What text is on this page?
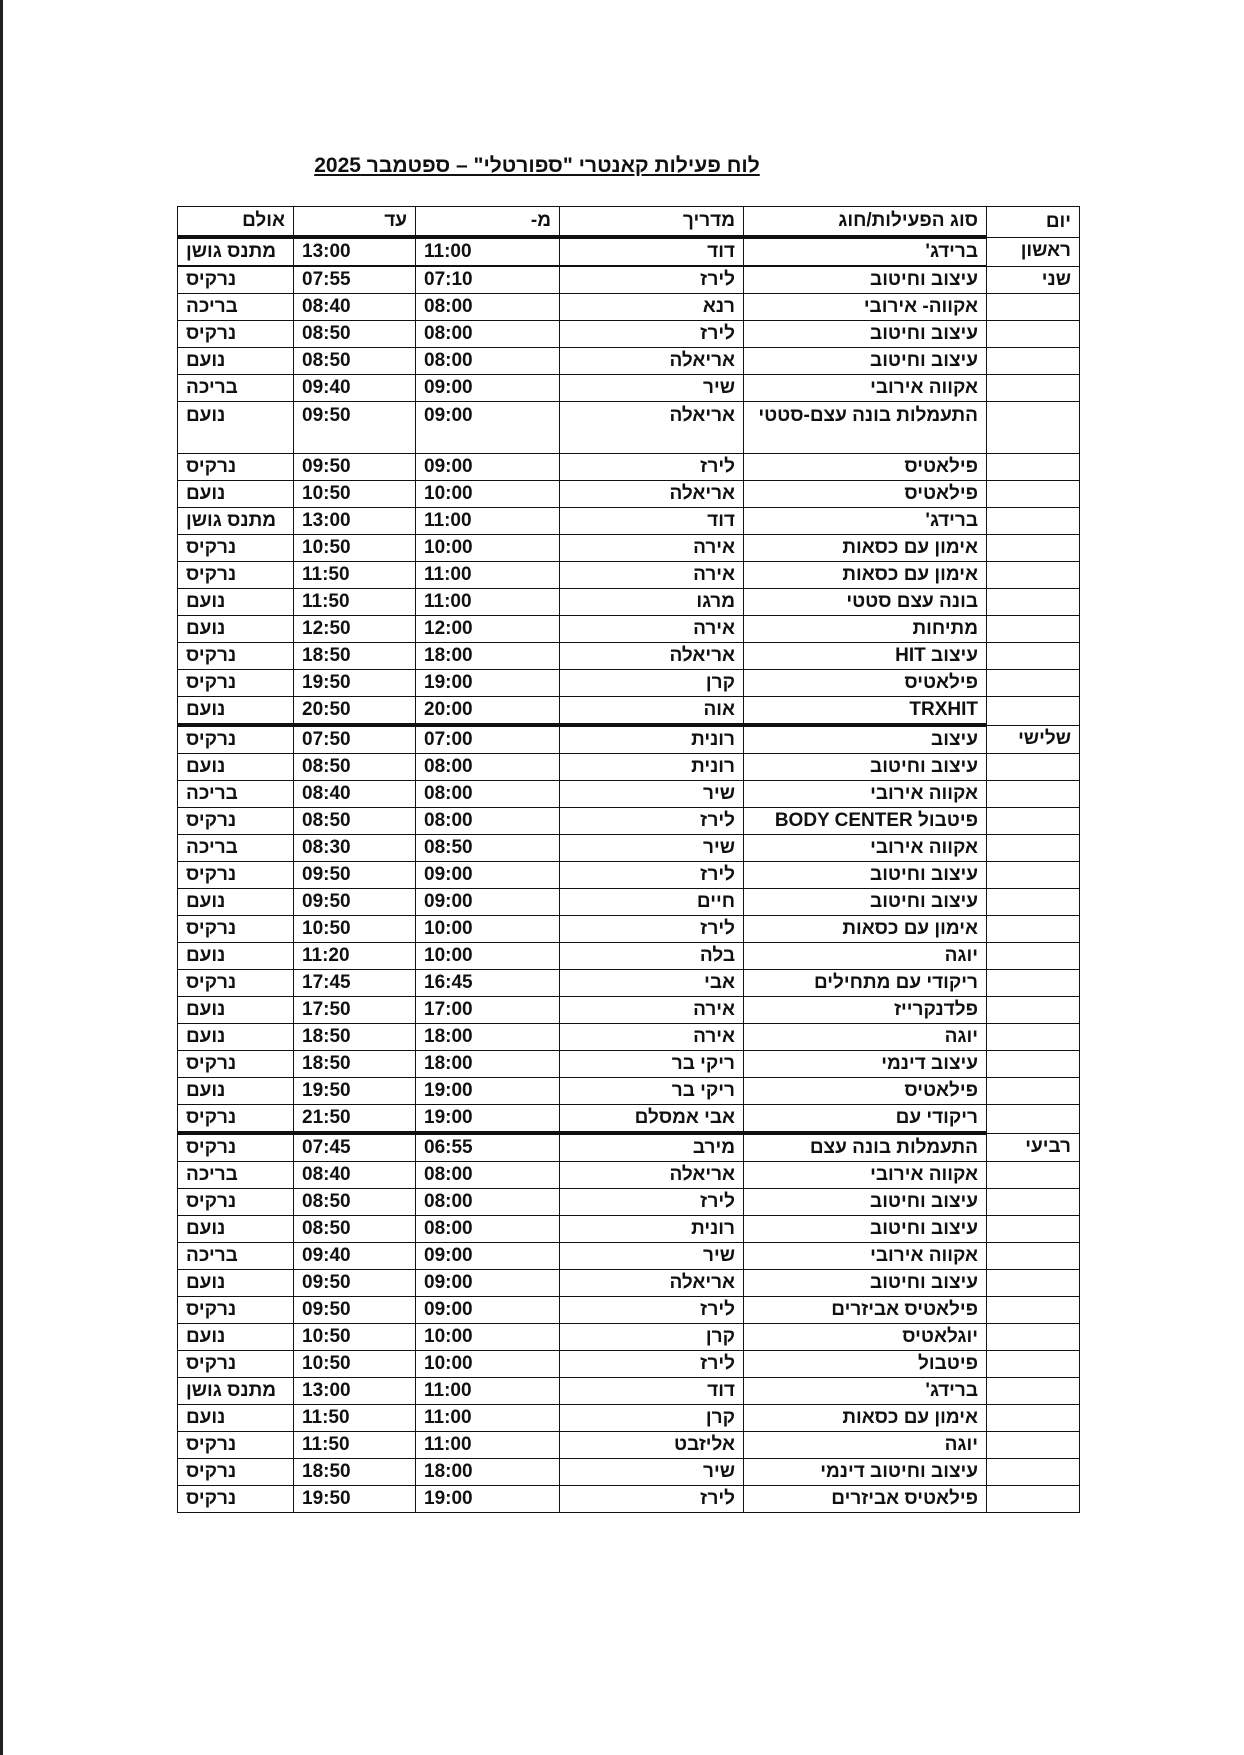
לוח פעילות קאנטרי "ספורטלי" – ספטמבר 2025
יום	סוג הפעילות/חוג	מדריך	מ-	עד	אולם
ראשון	ברידג'	דוד	11:00	13:00	מתנס גושן
שני	עיצוב וחיטוב	לירז	07:10	07:55	נרקיס
	אקווה- אירובי	רנא	08:00	08:40	בריכה
	עיצוב וחיטוב	לירז	08:00	08:50	נרקיס
	עיצוב וחיטוב	אריאלה	08:00	08:50	נועם
	אקווה אירובי	שיר	09:00	09:40	בריכה
	התעמלות בונה עצם-סטטי	אריאלה	09:00	09:50	נועם
	פילאטיס	לירז	09:00	09:50	נרקיס
	פילאטיס	אריאלה	10:00	10:50	נועם
	ברידג'	דוד	11:00	13:00	מתנס גושן
	אימון עם כסאות	אירה	10:00	10:50	נרקיס
	אימון עם כסאות	אירה	11:00	11:50	נרקיס
	בונה עצם סטטי	מרגו	11:00	11:50	נועם
	מתיחות	אירה	12:00	12:50	נועם
	עיצוב HIT	אריאלה	18:00	18:50	נרקיס
	פילאטיס	קרן	19:00	19:50	נרקיס
	TRXHIT	אוה	20:00	20:50	נועם
שלישי	עיצוב	רונית	07:00	07:50	נרקיס
	עיצוב וחיטוב	רונית	08:00	08:50	נועם
	אקווה אירובי	שיר	08:00	08:40	בריכה
	פיטבול BODY CENTER	לירז	08:00	08:50	נרקיס
	אקווה אירובי	שיר	08:50	08:30	בריכה
	עיצוב וחיטוב	לירז	09:00	09:50	נרקיס
	עיצוב וחיטוב	חיים	09:00	09:50	נועם
	אימון עם כסאות	לירז	10:00	10:50	נרקיס
	יוגה	בלה	10:00	11:20	נועם
	ריקודי עם מתחילים	אבי	16:45	17:45	נרקיס
	פלדנקרייז	אירה	17:00	17:50	נועם
	יוגה	אירה	18:00	18:50	נועם
	עיצוב דינמי	ריקי בר	18:00	18:50	נרקיס
	פילאטיס	ריקי בר	19:00	19:50	נועם
	ריקודי עם	אבי אמסלם	19:00	21:50	נרקיס
רביעי	התעמלות בונה עצם	מירב	06:55	07:45	נרקיס
	אקווה אירובי	אריאלה	08:00	08:40	בריכה
	עיצוב וחיטוב	לירז	08:00	08:50	נרקיס
	עיצוב וחיטוב	רונית	08:00	08:50	נועם
	אקווה אירובי	שיר	09:00	09:40	בריכה
	עיצוב וחיטוב	אריאלה	09:00	09:50	נועם
	פילאטיס אביזרים	לירז	09:00	09:50	נרקיס
	יוגלאטיס	קרן	10:00	10:50	נועם
	פיטבול	לירז	10:00	10:50	נרקיס
	ברידג'	דוד	11:00	13:00	מתנס גושן
	אימון עם כסאות	קרן	11:00	11:50	נועם
	יוגה	אליזבט	11:00	11:50	נרקיס
	עיצוב וחיטוב דינמי	שיר	18:00	18:50	נרקיס
	פילאטיס אביזרים	לירז	19:00	19:50	נרקיס
